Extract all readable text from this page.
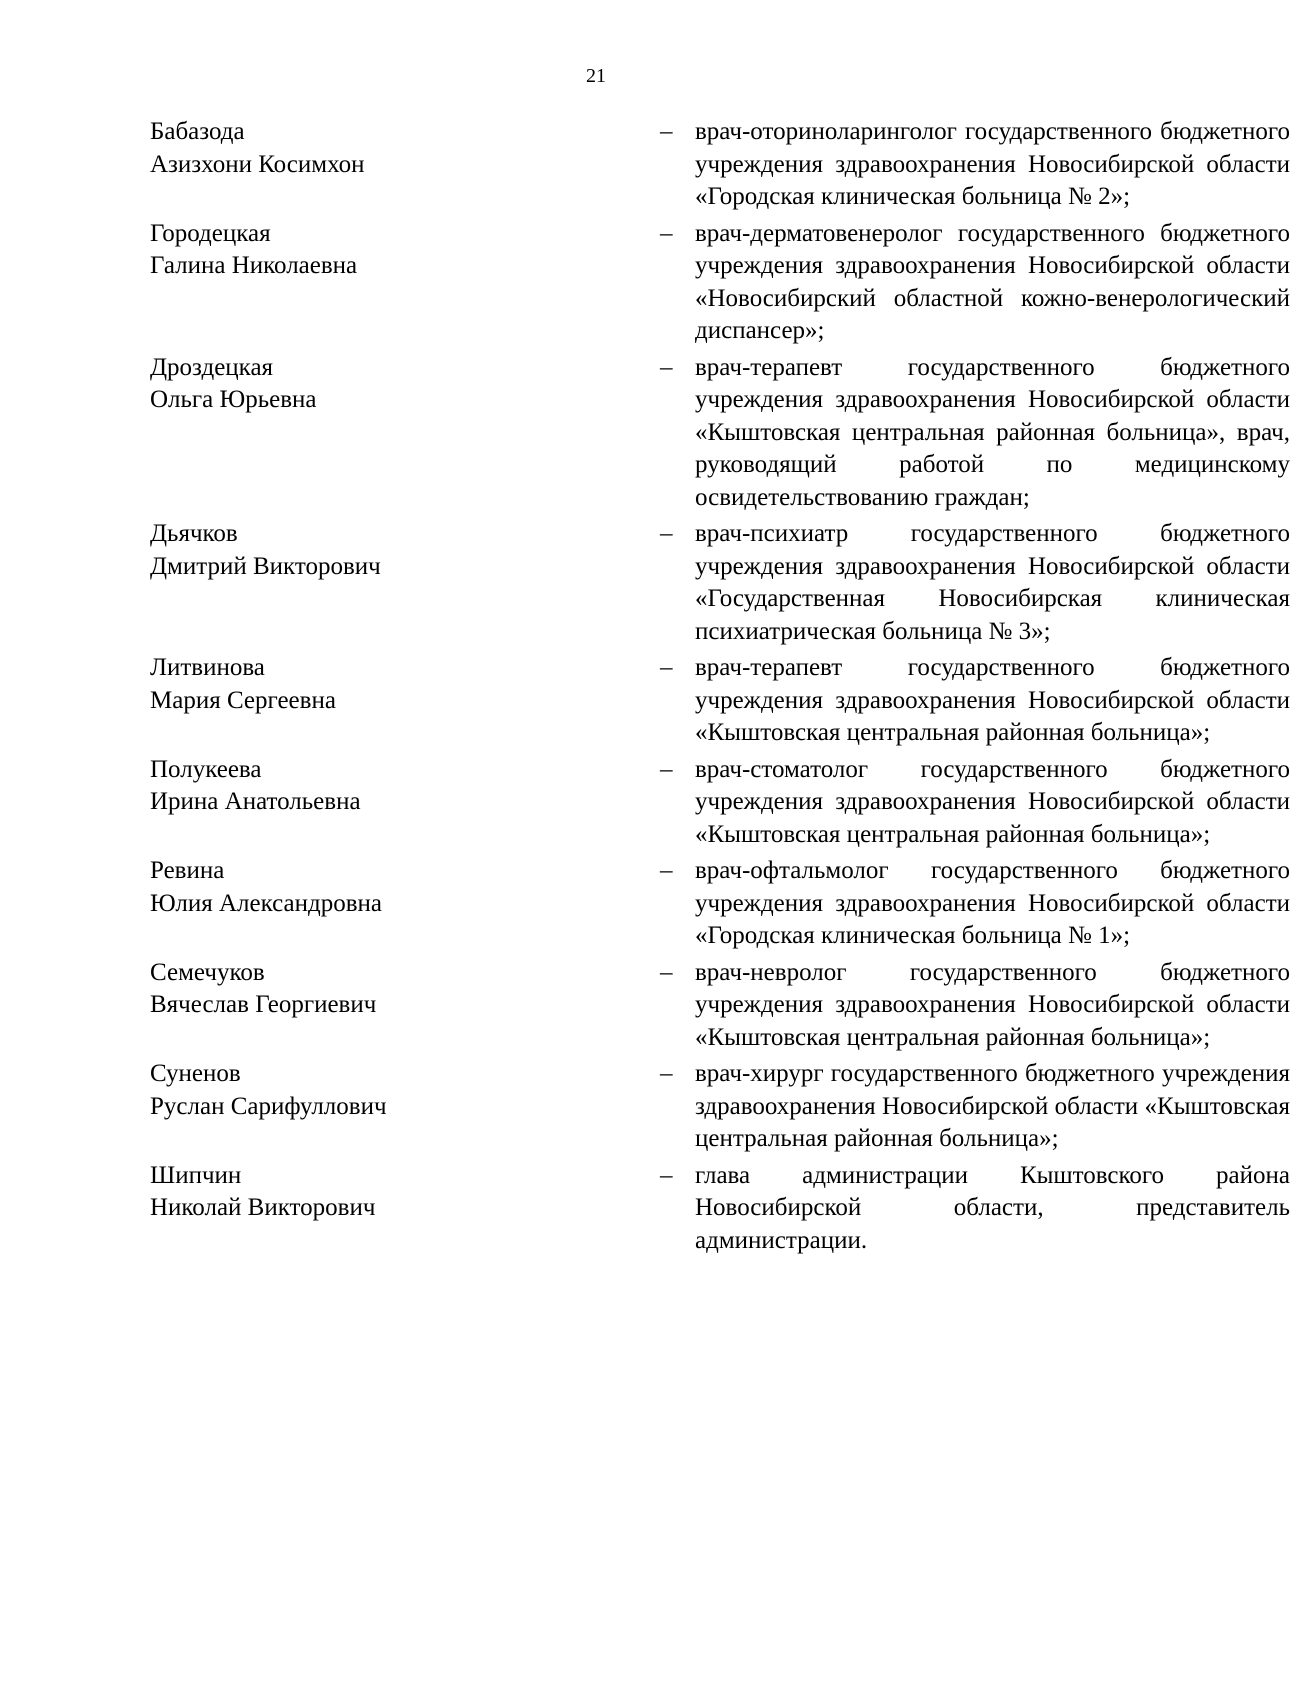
21
Бабазода
Азизхони Косимхон
– врач-оториноларинголог государственного бюджетного учреждения здравоохранения Новосибирской области «Городская клиническая больница № 2»;
Городецкая
Галина Николаевна
– врач-дерматовенеролог государственного бюджетного учреждения здравоохранения Новосибирской области «Новосибирский областной кожно-венерологический диспансер»;
Дроздецкая
Ольга Юрьевна
– врач-терапевт государственного бюджетного учреждения здравоохранения Новосибирской области «Кыштовская центральная районная больница», врач, руководящий работой по медицинскому освидетельствованию граждан;
Дьячков
Дмитрий Викторович
– врач-психиатр государственного бюджетного учреждения здравоохранения Новосибирской области «Государственная Новосибирская клиническая психиатрическая больница № 3»;
Литвинова
Мария Сергеевна
– врач-терапевт государственного бюджетного учреждения здравоохранения Новосибирской области «Кыштовская центральная районная больница»;
Полукеева
Ирина Анатольевна
– врач-стоматолог государственного бюджетного учреждения здравоохранения Новосибирской области «Кыштовская центральная районная больница»;
Ревина
Юлия Александровна
– врач-офтальмолог государственного бюджетного учреждения здравоохранения Новосибирской области «Городская клиническая больница № 1»;
Семечуков
Вячеслав Георгиевич
– врач-невролог государственного бюджетного учреждения здравоохранения Новосибирской области «Кыштовская центральная районная больница»;
Суненов
Руслан Сарифуллович
– врач-хирург государственного бюджетного учреждения здравоохранения Новосибирской области «Кыштовская центральная районная больница»;
Шипчин
Николай Викторович
– глава администрации Кыштовского района Новосибирской области, представитель администрации.
